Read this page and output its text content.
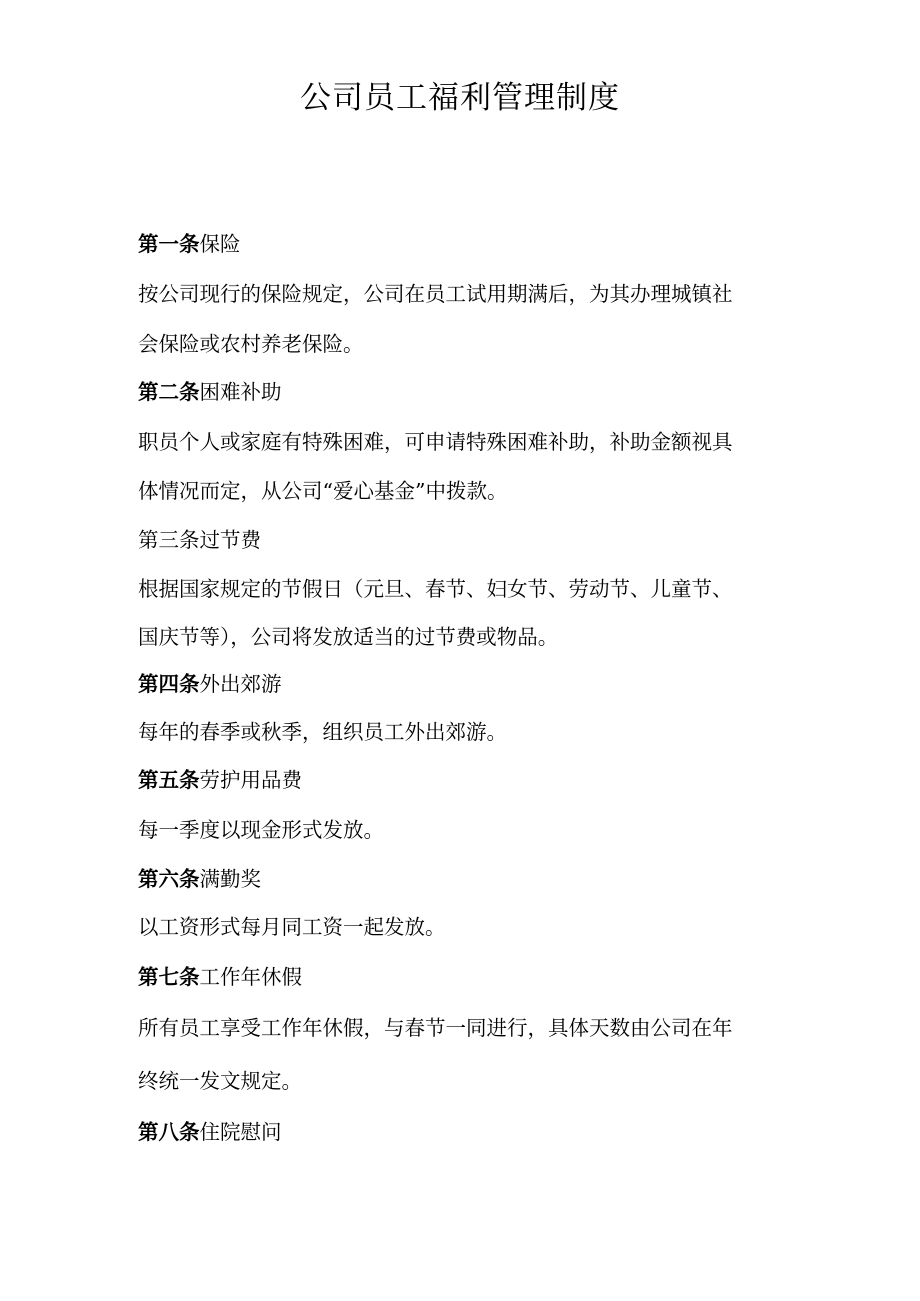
公司员工福利管理制度

第一条保险

按公司现行的保险规定，公司在员工试用期满后，为其办理城镇社

会保险或农村养老保险。

第二条困难补助

职员个人或家庭有特殊困难，可申请特殊困难补助，补助金额视具

体情况而定，从公司“爱心基金”中拨款。

第三条过节费

根据国家规定的节假日（元旦、春节、妇女节、劳动节、儿童节、

国庆节等），公司将发放适当的过节费或物品。

第四条外出郊游

每年的春季或秋季，组织员工外出郊游。

第五条劳护用品费

每一季度以现金形式发放。

第六条满勤奖

以工资形式每月同工资一起发放。

第七条工作年休假

所有员工享受工作年休假，与春节一同进行，具体天数由公司在年

终统一发文规定。

第八条住院慰问
